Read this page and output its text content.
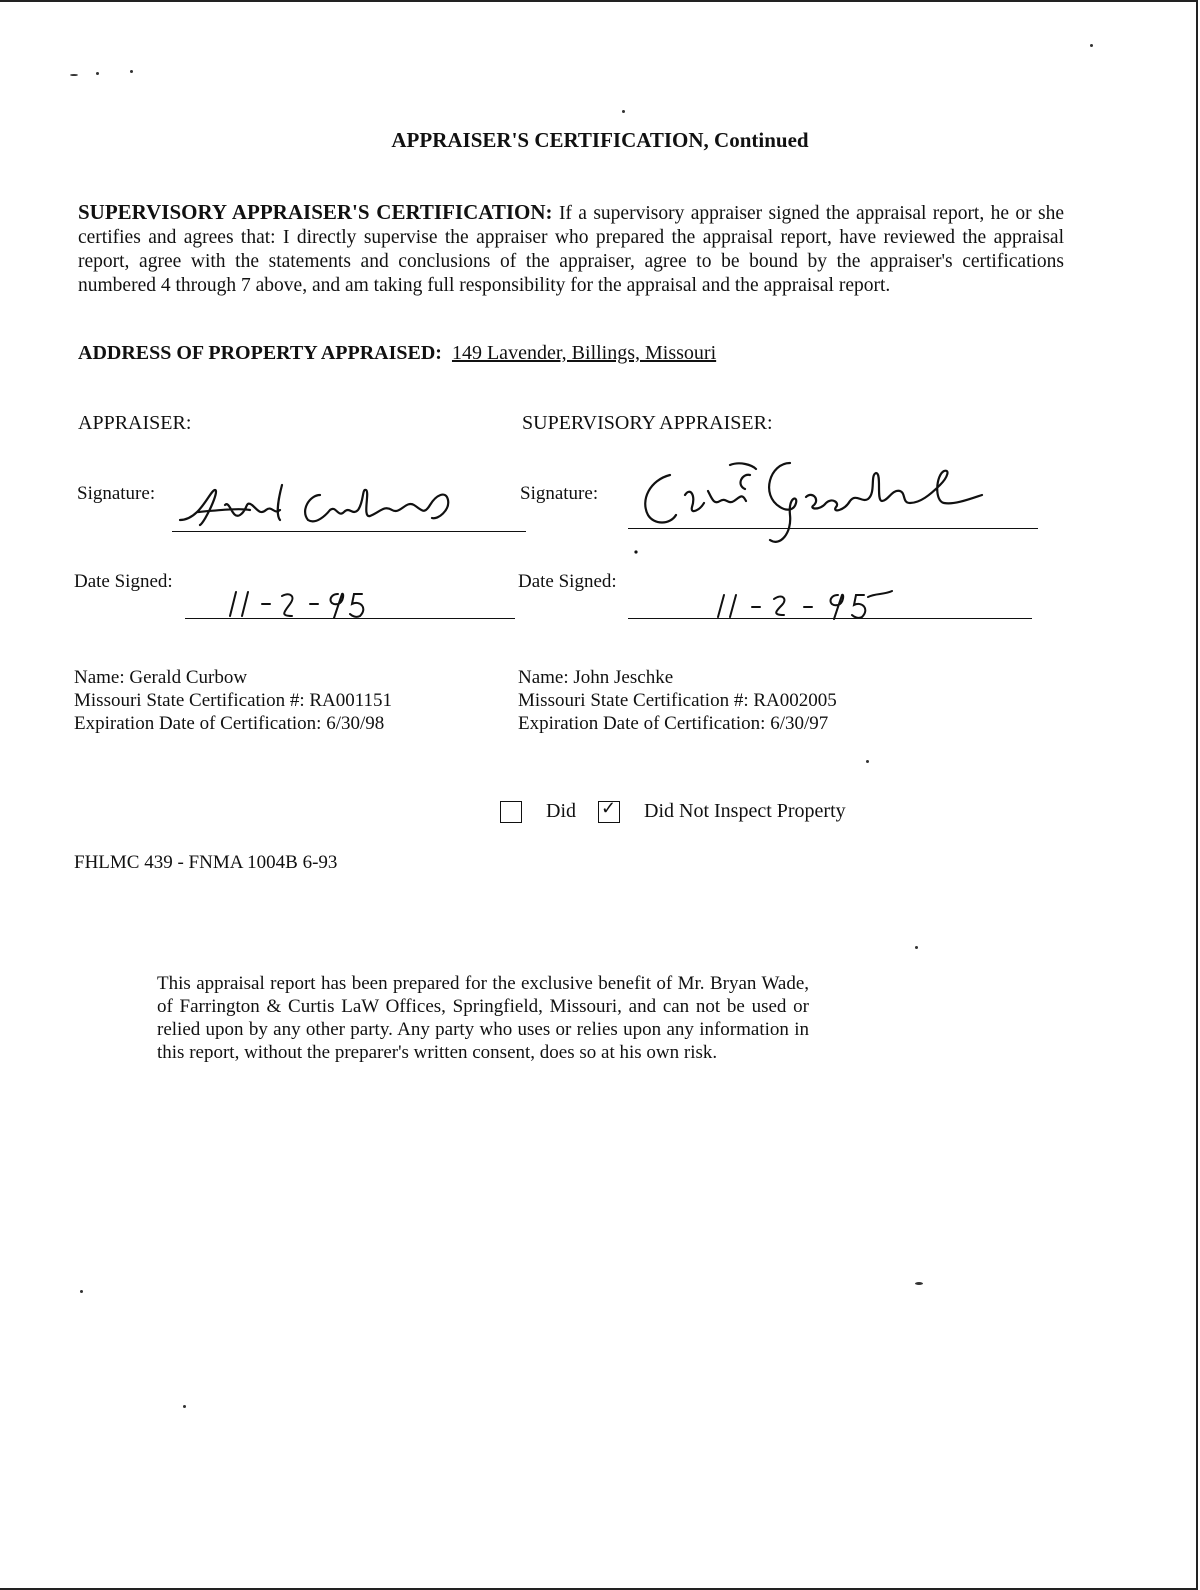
APPRAISER'S CERTIFICATION, Continued
SUPERVISORY APPRAISER'S CERTIFICATION: If a supervisory appraiser signed the appraisal report, he or she certifies and agrees that: I directly supervise the appraiser who prepared the appraisal report, have reviewed the appraisal report, agree with the statements and conclusions of the appraiser, agree to be bound by the appraiser's certifications numbered 4 through 7 above, and am taking full responsibility for the appraisal and the appraisal report.
ADDRESS OF PROPERTY APPRAISED: 149 Lavender, Billings, Missouri
APPRAISER:
Signature:
Date Signed:
Name: Gerald Curbow
Missouri State Certification #: RA001151
Expiration Date of Certification: 6/30/98
SUPERVISORY APPRAISER:
Signature:
Date Signed:
Name: John Jeschke
Missouri State Certification #: RA002005
Expiration Date of Certification: 6/30/97
Did ✓ Did Not Inspect Property
FHLMC 439 - FNMA 1004B 6-93
This appraisal report has been prepared for the exclusive benefit of Mr. Bryan Wade, of Farrington & Curtis LaW Offices, Springfield, Missouri, and can not be used or relied upon by any other party. Any party who uses or relies upon any information in this report, without the preparer's written consent, does so at his own risk.
